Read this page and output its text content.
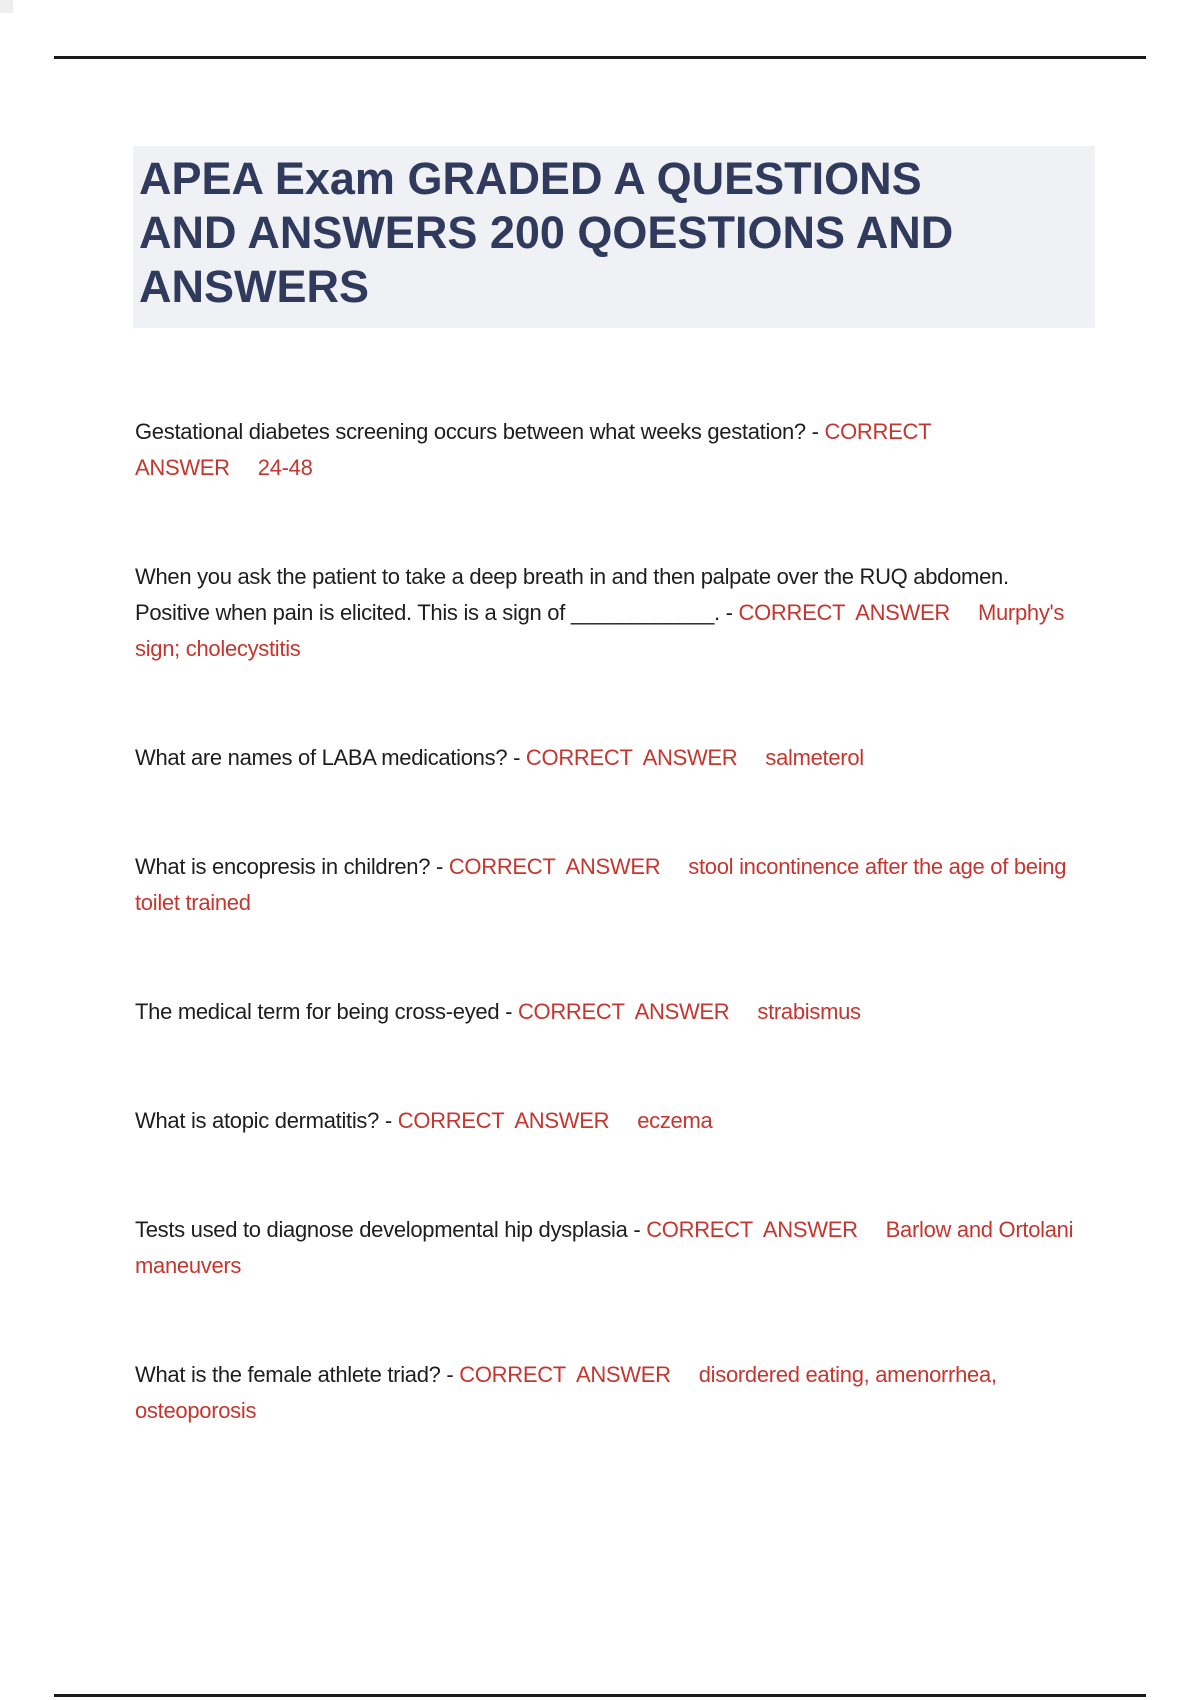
APEA Exam GRADED A QUESTIONS
AND ANSWERS 200 QOESTIONS AND
ANSWERS

Gestational diabetes screening occurs between what weeks gestation? - CORRECT  ANSWER 24-48

When you ask the patient to take a deep breath in and then palpate over the RUQ abdomen. Positive when pain is elicited. This is a sign of ____________. - CORRECT  ANSWER Murphy's sign; cholecystitis

What are names of LABA medications? - CORRECT  ANSWER salmeterol

What is encopresis in children? - CORRECT  ANSWER stool incontinence after the age of being toilet trained

The medical term for being cross-eyed - CORRECT  ANSWER strabismus

What is atopic dermatitis? - CORRECT  ANSWER eczema

Tests used to diagnose developmental hip dysplasia - CORRECT  ANSWER Barlow and Ortolani maneuvers

What is the female athlete triad? - CORRECT  ANSWER disordered eating, amenorrhea, osteoporosis
